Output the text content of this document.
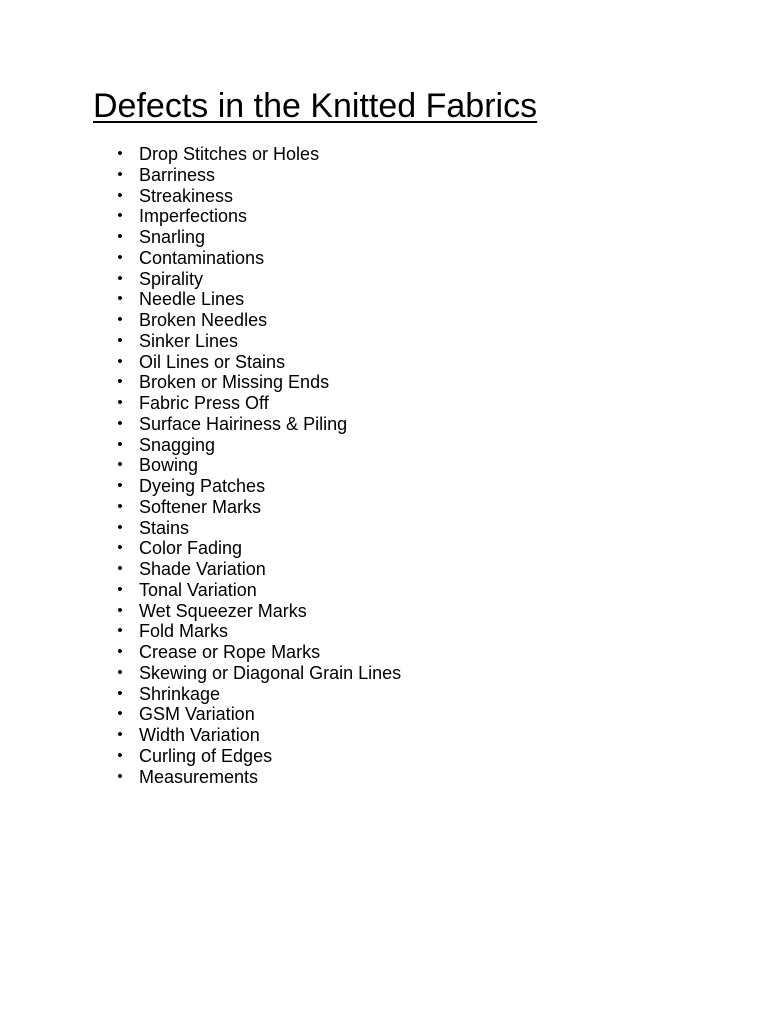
Defects in the Knitted Fabrics
• Drop Stitches or Holes
• Barriness
• Streakiness
• Imperfections
• Snarling
• Contaminations
• Spirality
• Needle Lines
• Broken Needles
• Sinker Lines
• Oil Lines or Stains
• Broken or Missing Ends
• Fabric Press Off
• Surface Hairiness & Piling
• Snagging
• Bowing
• Dyeing Patches
• Softener Marks
• Stains
• Color Fading
• Shade Variation
• Tonal Variation
• Wet Squeezer Marks
• Fold Marks
• Crease or Rope Marks
• Skewing or Diagonal Grain Lines
• Shrinkage
• GSM Variation
• Width Variation
• Curling of Edges
• Measurements
